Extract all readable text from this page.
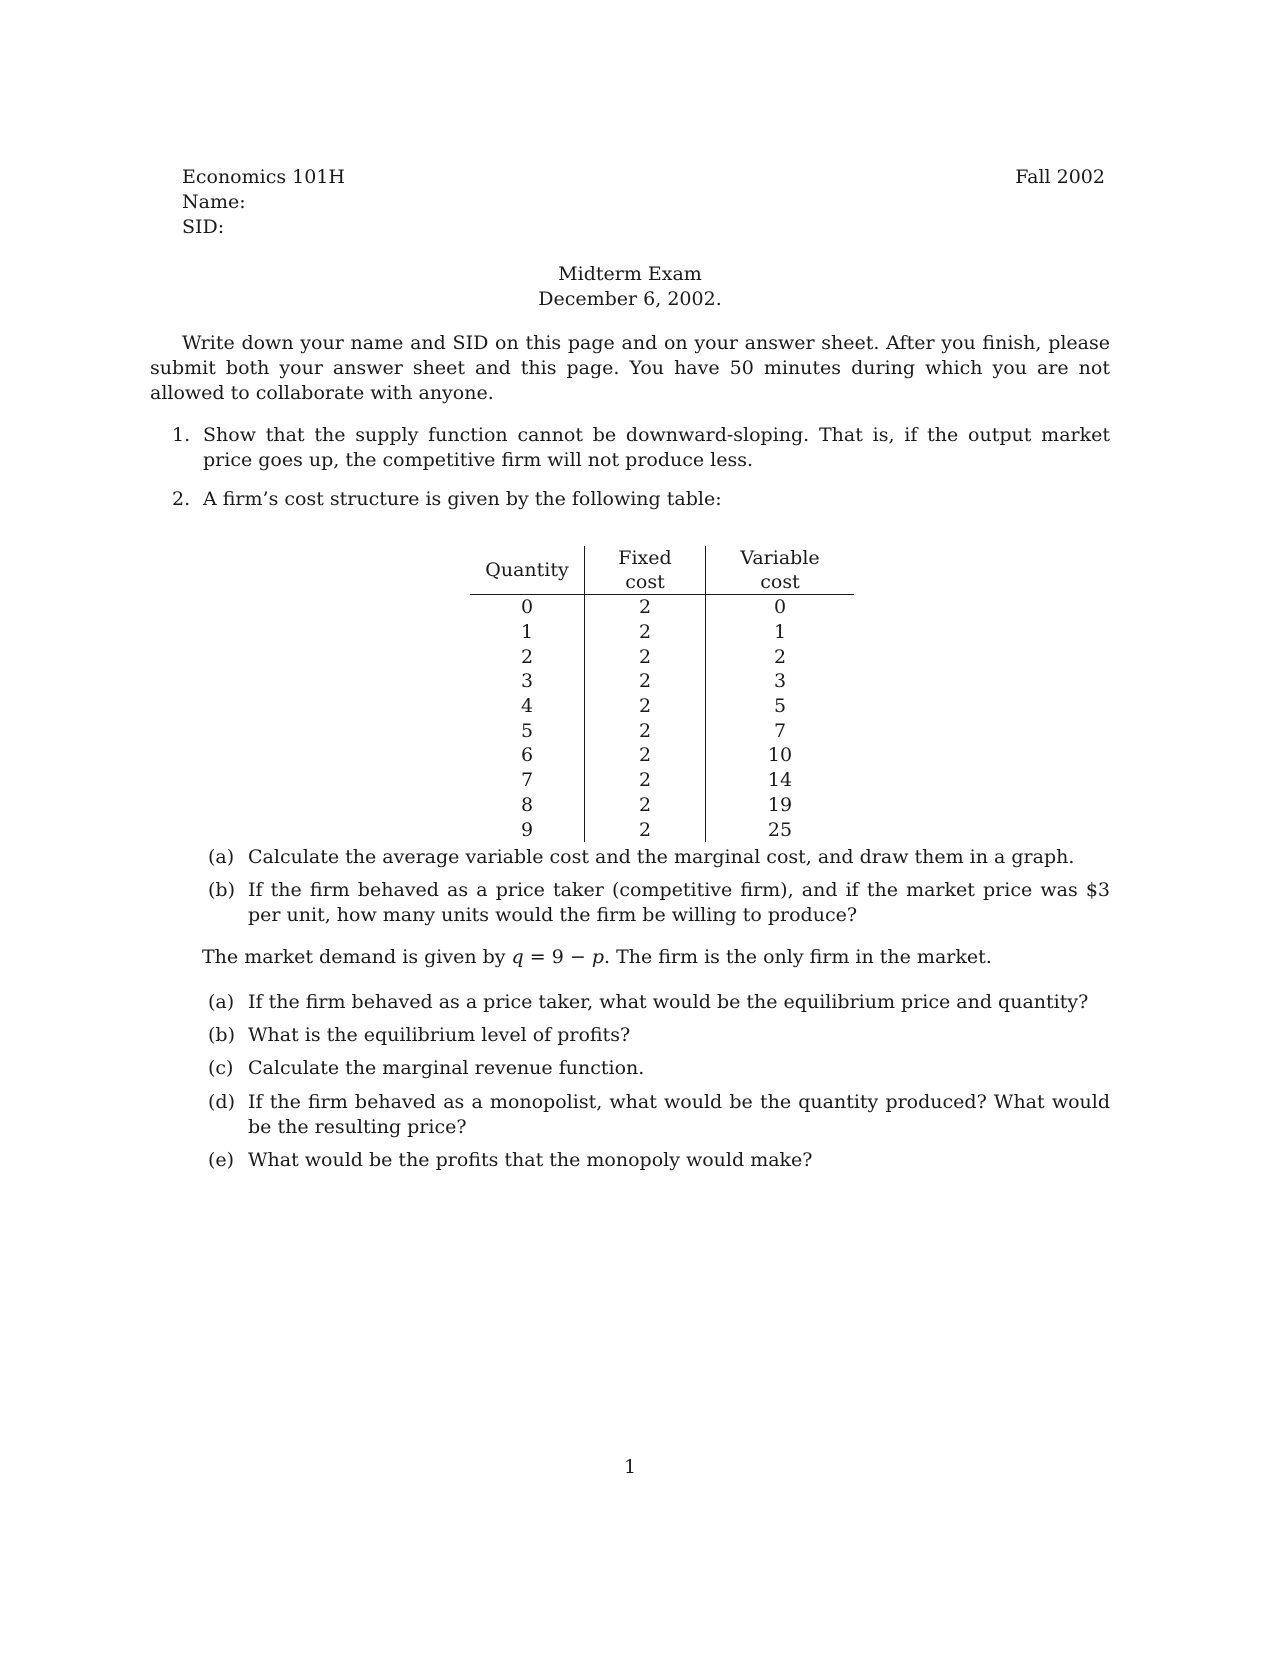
Economics 101H
Name:
SID:
Fall 2002
Midterm Exam
December 6, 2002.
Write down your name and SID on this page and on your answer sheet. After you finish, please submit both your answer sheet and this page. You have 50 minutes during which you are not allowed to collaborate with anyone.
1. Show that the supply function cannot be downward-sloping. That is, if the output market price goes up, the competitive firm will not produce less.
2. A firm’s cost structure is given by the following table:
Quantity	Fixed cost	Variable cost
0	2	0
1	2	1
2	2	2
3	2	3
4	2	5
5	2	7
6	2	10
7	2	14
8	2	19
9	2	25
(a) Calculate the average variable cost and the marginal cost, and draw them in a graph.
(b) If the firm behaved as a price taker (competitive firm), and if the market price was $3 per unit, how many units would the firm be willing to produce?
The market demand is given by q = 9 − p. The firm is the only firm in the market.
(a) If the firm behaved as a price taker, what would be the equilibrium price and quantity?
(b) What is the equilibrium level of profits?
(c) Calculate the marginal revenue function.
(d) If the firm behaved as a monopolist, what would be the quantity produced? What would be the resulting price?
(e) What would be the profits that the monopoly would make?
1
